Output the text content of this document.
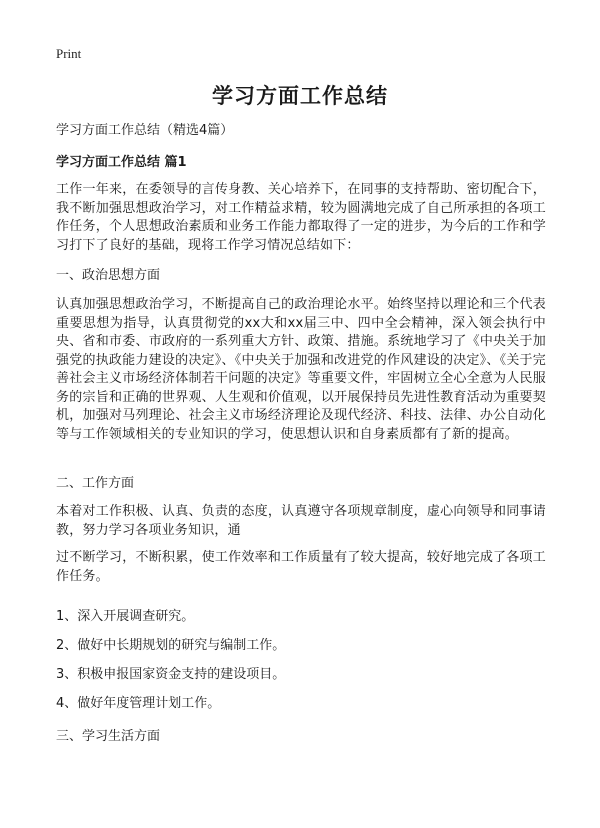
Print
学习方面工作总结
学习方面工作总结（精选4篇）
学习方面工作总结 篇1
工作一年来，在委领导的言传身教、关心培养下，在同事的支持帮助、密切配合下，我不断加强思想政治学习，对工作精益求精，较为圆满地完成了自己所承担的各项工作任务，个人思想政治素质和业务工作能力都取得了一定的进步，为今后的工作和学习打下了良好的基础，现将工作学习情况总结如下：
一、政治思想方面
认真加强思想政治学习，不断提高自己的政治理论水平。始终坚持以理论和三个代表重要思想为指导，认真贯彻党的xx大和xx届三中、四中全会精神，深入领会执行中央、省和市委、市政府的一系列重大方针、政策、措施。系统地学习了《中央关于加强党的执政能力建设的决定》、《中央关于加强和改进党的作风建设的决定》、《关于完善社会主义市场经济体制若干问题的决定》等重要文件，牢固树立全心全意为人民服务的宗旨和正确的世界观、人生观和价值观，以开展保持员先进性教育活动为重要契机，加强对马列理论、社会主义市场经济理论及现代经济、科技、法律、办公自动化等与工作领域相关的专业知识的学习，使思想认识和自身素质都有了新的提高。
二、工作方面
本着对工作积极、认真、负责的态度，认真遵守各项规章制度，虚心向领导和同事请教，努力学习各项业务知识，通
过不断学习，不断积累，使工作效率和工作质量有了较大提高，较好地完成了各项工作任务。
1、深入开展调查研究。
2、做好中长期规划的研究与编制工作。
3、积极申报国家资金支持的建设项目。
4、做好年度管理计划工作。
三、学习生活方面
